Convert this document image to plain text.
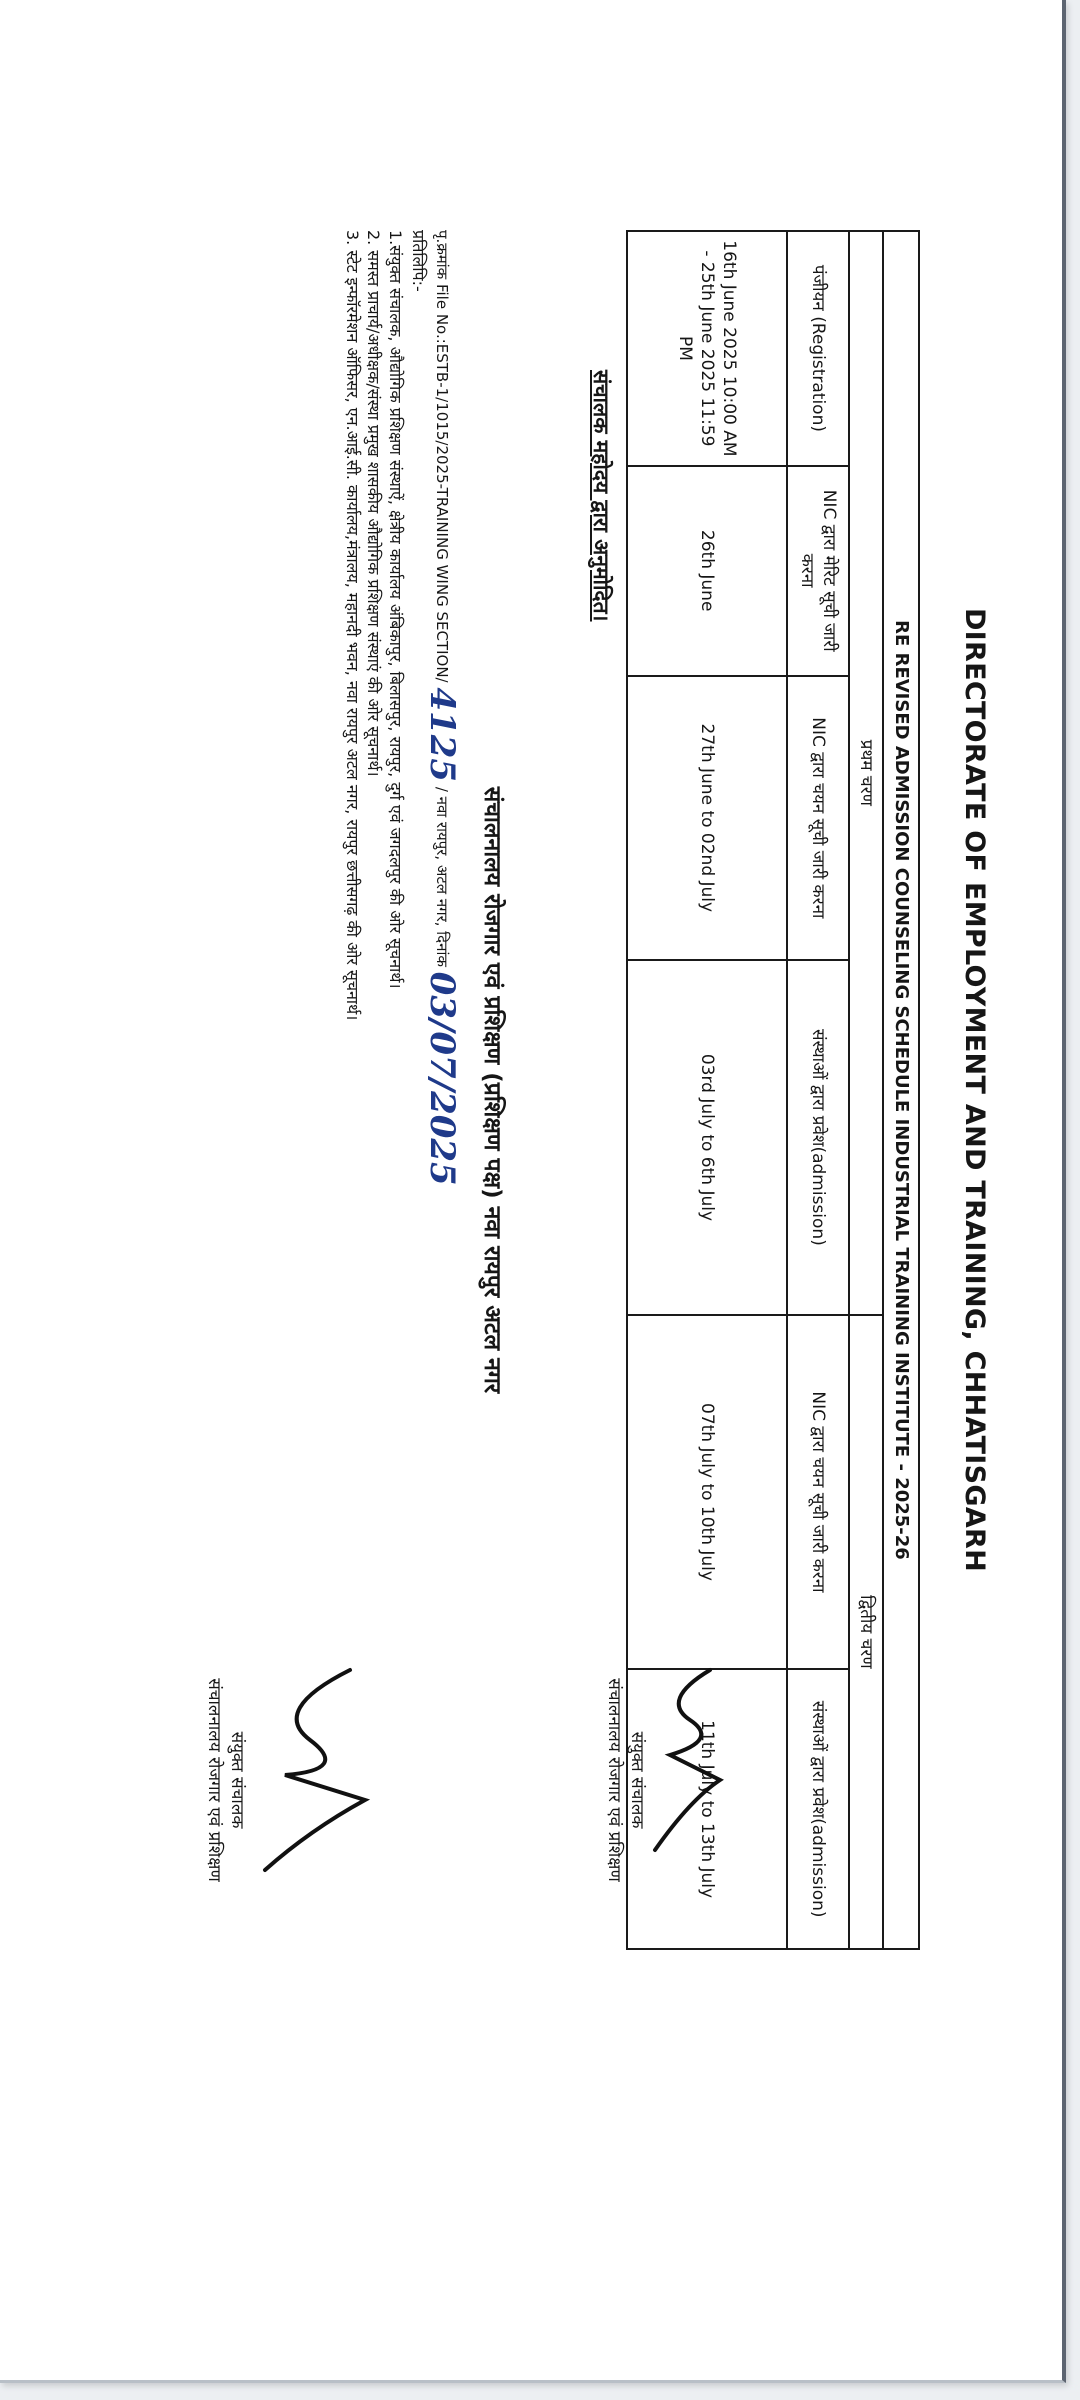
DIRECTORATE OF EMPLOYMENT AND TRAINING, CHHATISGARH
RE REVISED ADMISSION COUNSELING SCHEDULE INDUSTRIAL TRAINING INSTITUTE - 2025-26					
प्रथम चरण				द्वितीय चरण	
पंजीयन (Registration)	NIC द्वारा मेरिट सूची जारी करना	NIC द्वारा चयन सूची जारी करना	संस्थाओं द्वारा प्रवेश(admission)	NIC द्वारा चयन सूची जारी करना	संस्थाओं द्वारा प्रवेश(admission)
16th June 2025 10:00 AM - 25th June 2025 11:59 PM	26th June	27th June to 02nd July	03rd July to 6th July	07th July to 10th July	11th July to 13th July
संचालक महोदय द्वारा अनुमोदित।
संयुक्त संचालक
संचालनालय रोजगार एवं प्रशिक्षण
संचालनालय रोजगार एवं प्रशिक्षण (प्रशिक्षण पक्ष) नवा रायपुर अटल नगर
पृ.क्रमांक File No.:ESTB-1/1015/2025-TRAINING WING SECTION/ 4125 / नवा रायपुर, अटल नगर, दिनांक 03/07/2025
प्रतिलिपि:-
1.संयुक्त संचालक, औद्योगिक प्रशिक्षण संस्थाऐं, क्षेत्रीय कार्यालय अंबिकापुर, बिलासपुर, रायपुर, दुर्ग एवं जगदलपुर की ओर सूचनार्थ।
2. समस्त प्राचार्य/अधीक्षक/संस्था प्रमुख शासकीय औद्योगिक प्रशिक्षण संस्थाएं की ओर सूचनार्थ।
3. स्टेट इन्फॉरमेशन ऑफिसर, एन.आई.सी. कार्यालय,मंत्रालय, महानदी भवन, नवा रायपुर अटल नगर, रायपुर छत्तीसगढ़ की ओर सूचनार्थ।
संयुक्त संचालक
संचालनालय रोजगार एवं प्रशिक्षण
